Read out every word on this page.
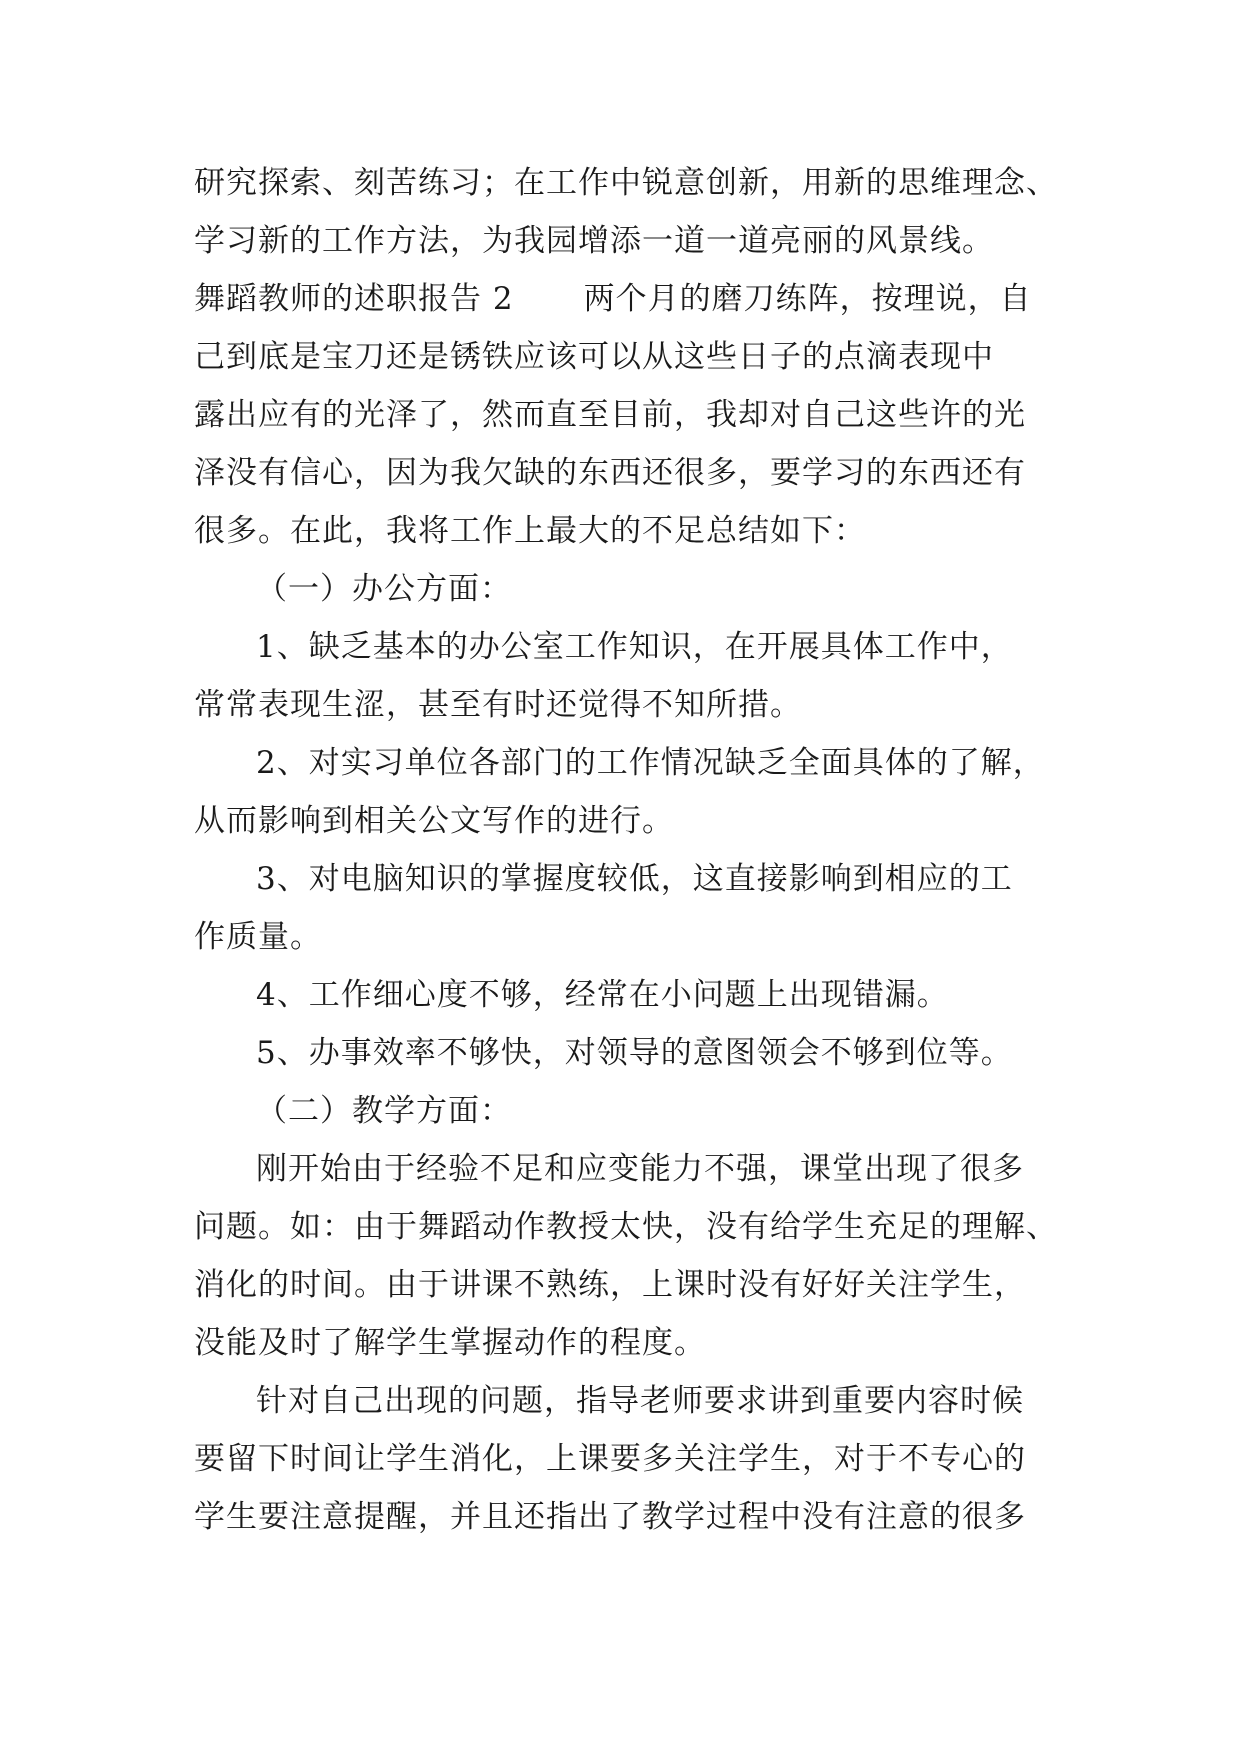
研究探索、刻苦练习；在工作中锐意创新，用新的思维理念、
学习新的工作方法，为我园增添一道一道亮丽的风景线。
舞蹈教师的述职报告 2 两个月的磨刀练阵，按理说，自
己到底是宝刀还是锈铁应该可以从这些日子的点滴表现中
露出应有的光泽了，然而直至目前，我却对自己这些许的光
泽没有信心，因为我欠缺的东西还很多，要学习的东西还有
很多。在此，我将工作上最大的不足总结如下：
（一）办公方面：
1、缺乏基本的办公室工作知识，在开展具体工作中，
常常表现生涩，甚至有时还觉得不知所措。
2、对实习单位各部门的工作情况缺乏全面具体的了解，
从而影响到相关公文写作的进行。
3、对电脑知识的掌握度较低，这直接影响到相应的工
作质量。
4、工作细心度不够，经常在小问题上出现错漏。
5、办事效率不够快，对领导的意图领会不够到位等。
（二）教学方面：
刚开始由于经验不足和应变能力不强，课堂出现了很多
问题。如：由于舞蹈动作教授太快，没有给学生充足的理解、
消化的时间。由于讲课不熟练，上课时没有好好关注学生，
没能及时了解学生掌握动作的程度。
针对自己出现的问题，指导老师要求讲到重要内容时候
要留下时间让学生消化，上课要多关注学生，对于不专心的
学生要注意提醒，并且还指出了教学过程中没有注意的很多
